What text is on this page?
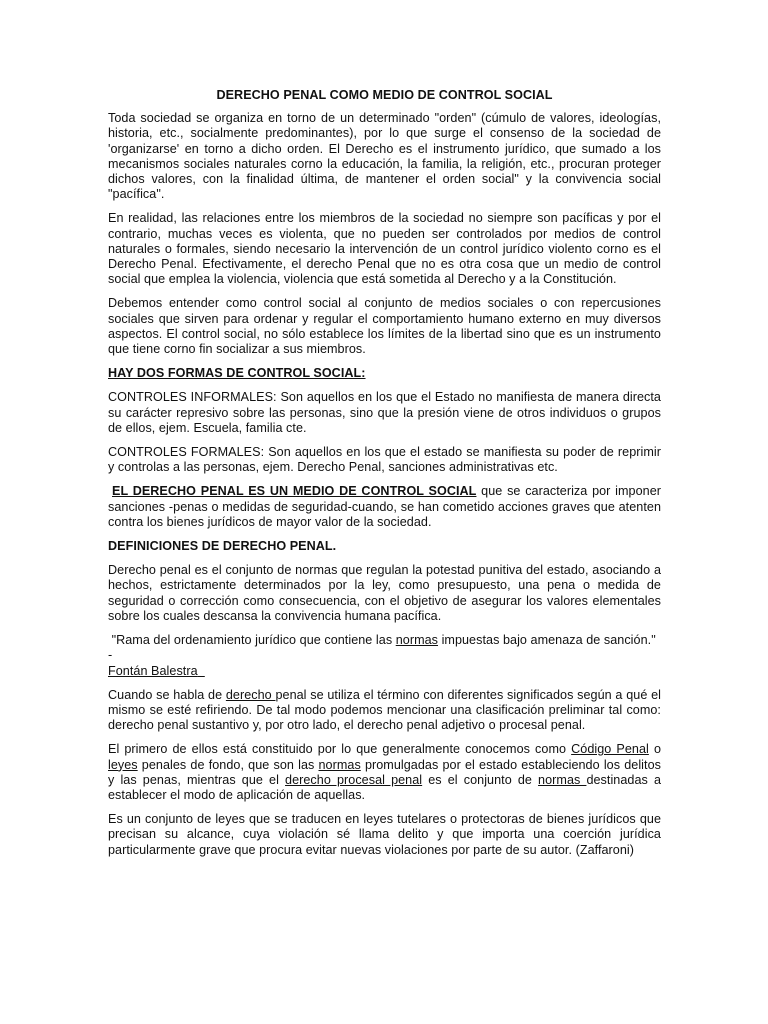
DERECHO PENAL COMO MEDIO DE CONTROL SOCIAL

Toda sociedad se organiza en torno de un determinado "orden" (cúmulo de valores, ideologías, historia, etc., socialmente predominantes), por lo que surge el consenso de la sociedad de 'organizarse' en torno a dicho orden. El Derecho es el instrumento jurídico, que sumado a los mecanismos sociales naturales corno la educación, la familia, la religión, etc., procuran proteger dichos valores, con la finalidad última, de mantener el orden social" y la convivencia social "pacífica".

En realidad, las relaciones entre los miembros de la sociedad no siempre son pacíficas y por el contrario, muchas veces es violenta, que no pueden ser controlados por medios de control naturales o formales, siendo necesario la intervención de un control jurídico violento corno es el Derecho Penal. Efectivamente, el derecho Penal que no es otra cosa que un medio de control social que emplea la violencia, violencia que está sometida al Derecho y a la Constitución.

Debemos entender como control social al conjunto de medios sociales o con repercusiones sociales que sirven para ordenar y regular el comportamiento humano externo en muy diversos aspectos. El control social, no sólo establece los límites de la libertad sino que es un instrumento que tiene corno fin socializar a sus miembros.

HAY DOS FORMAS DE CONTROL SOCIAL:

CONTROLES INFORMALES: Son aquellos en los que el Estado no manifiesta de manera directa su carácter represivo sobre las personas, sino que la presión viene de otros individuos o grupos de ellos, ejem. Escuela, familia cte.

CONTROLES FORMALES: Son aquellos en los que el estado se manifiesta su poder de reprimir y controlas a las personas, ejem. Derecho Penal, sanciones administrativas etc.

EL DERECHO PENAL ES UN MEDIO DE CONTROL SOCIAL que se caracteriza por imponer sanciones -penas o medidas de seguridad-cuando, se han cometido acciones graves que atenten contra los bienes jurídicos de mayor valor de la sociedad.

DEFINICIONES DE DERECHO PENAL.

Derecho penal es el conjunto de normas que regulan la potestad punitiva del estado, asociando a hechos, estrictamente determinados por la ley, como presupuesto, una pena o medida de seguridad o corrección como consecuencia, con el objetivo de asegurar los valores elementales sobre los cuales descansa la convivencia humana pacífica.

"Rama del ordenamiento jurídico que contiene las normas impuestas bajo amenaza de sanción." -
Fontán Balestra

Cuando se habla de derecho penal se utiliza el término con diferentes significados según a qué el mismo se esté refiriendo. De tal modo podemos mencionar una clasificación preliminar tal como: derecho penal sustantivo y, por otro lado, el derecho penal adjetivo o procesal penal.

El primero de ellos está constituido por lo que generalmente conocemos como Código Penal o leyes penales de fondo, que son las normas promulgadas por el estado estableciendo los delitos y las penas, mientras que el derecho procesal penal es el conjunto de normas destinadas a establecer el modo de aplicación de aquellas.

Es un conjunto de leyes que se traducen en leyes tutelares o protectoras de bienes jurídicos que precisan su alcance, cuya violación sé llama delito y que importa una coerción jurídica particularmente grave que procura evitar nuevas violaciones por parte de su autor. (Zaffaroni)
